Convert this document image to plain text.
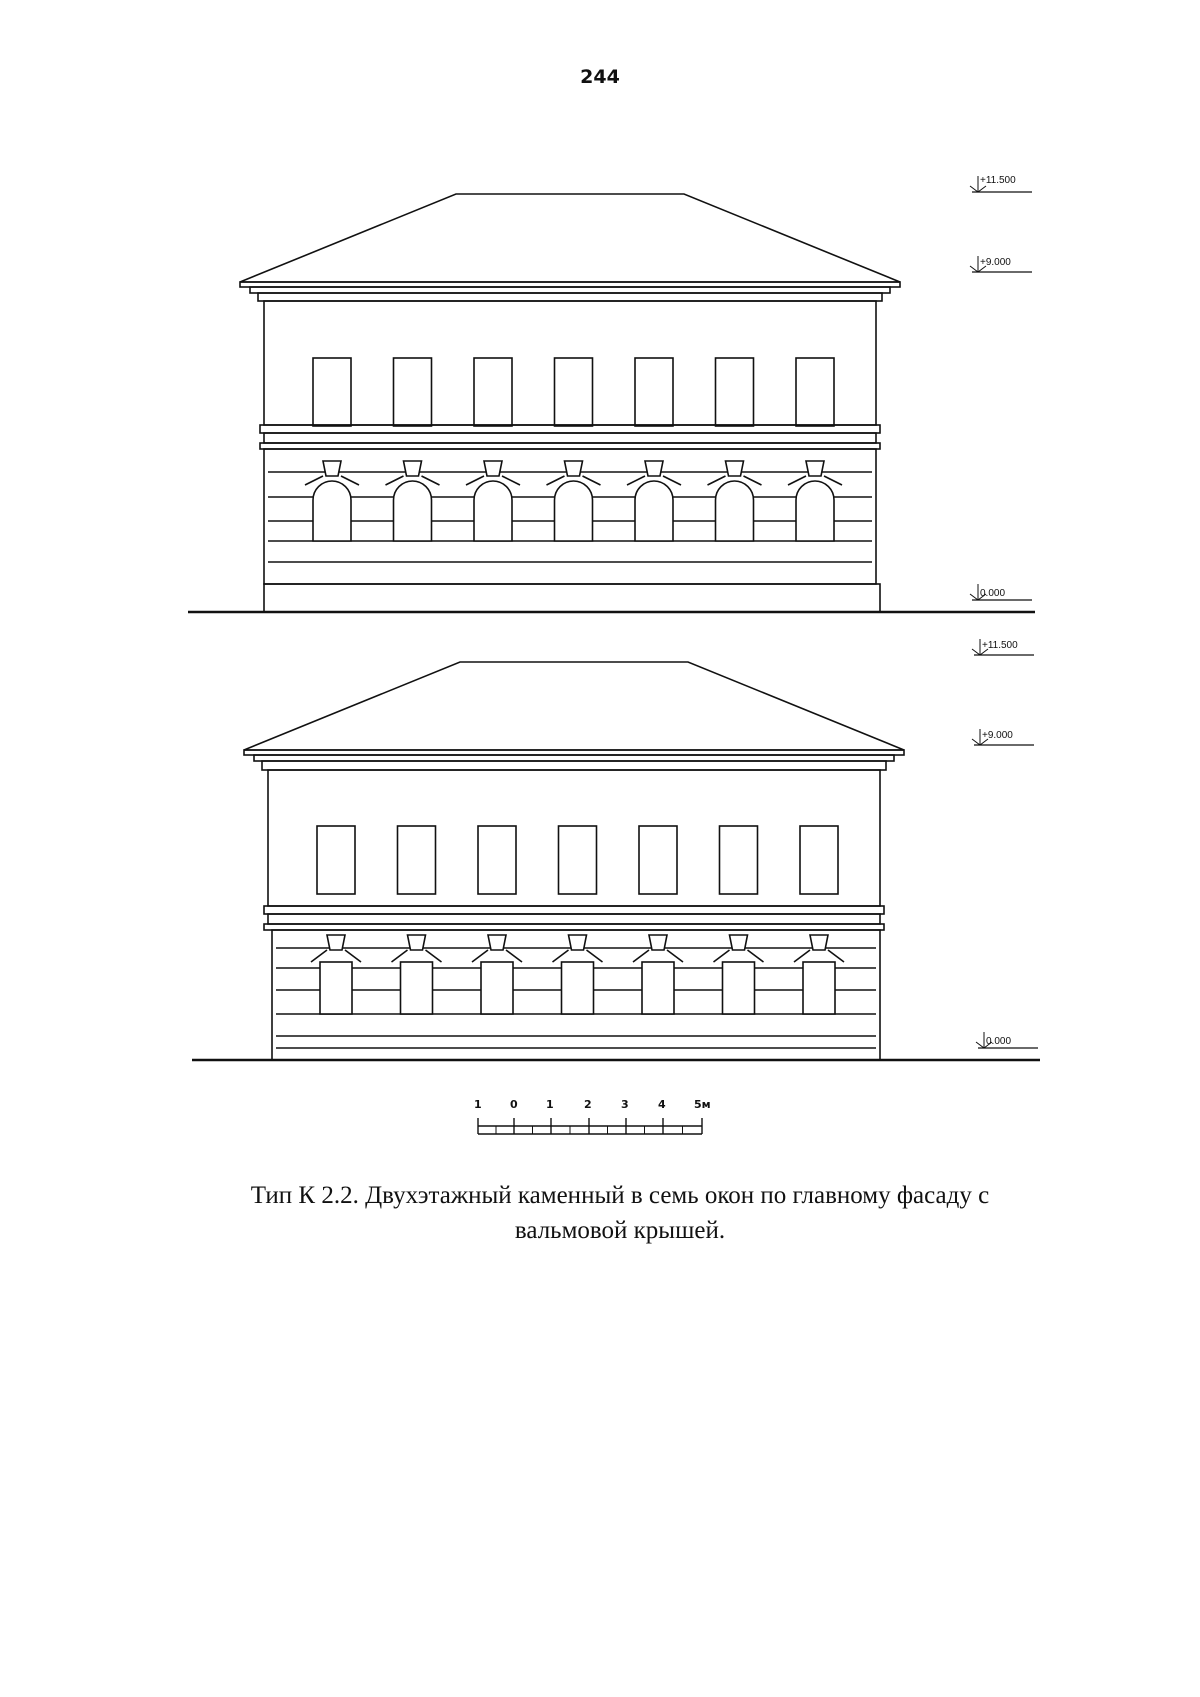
244
+11.500
+9.000
0.000
+11.500
+9.000
0.000
1	0	1	2	3	4	5м
Тип К 2.2. Двухэтажный каменный в семь окон по главному фасаду с
вальмовой крышей.
